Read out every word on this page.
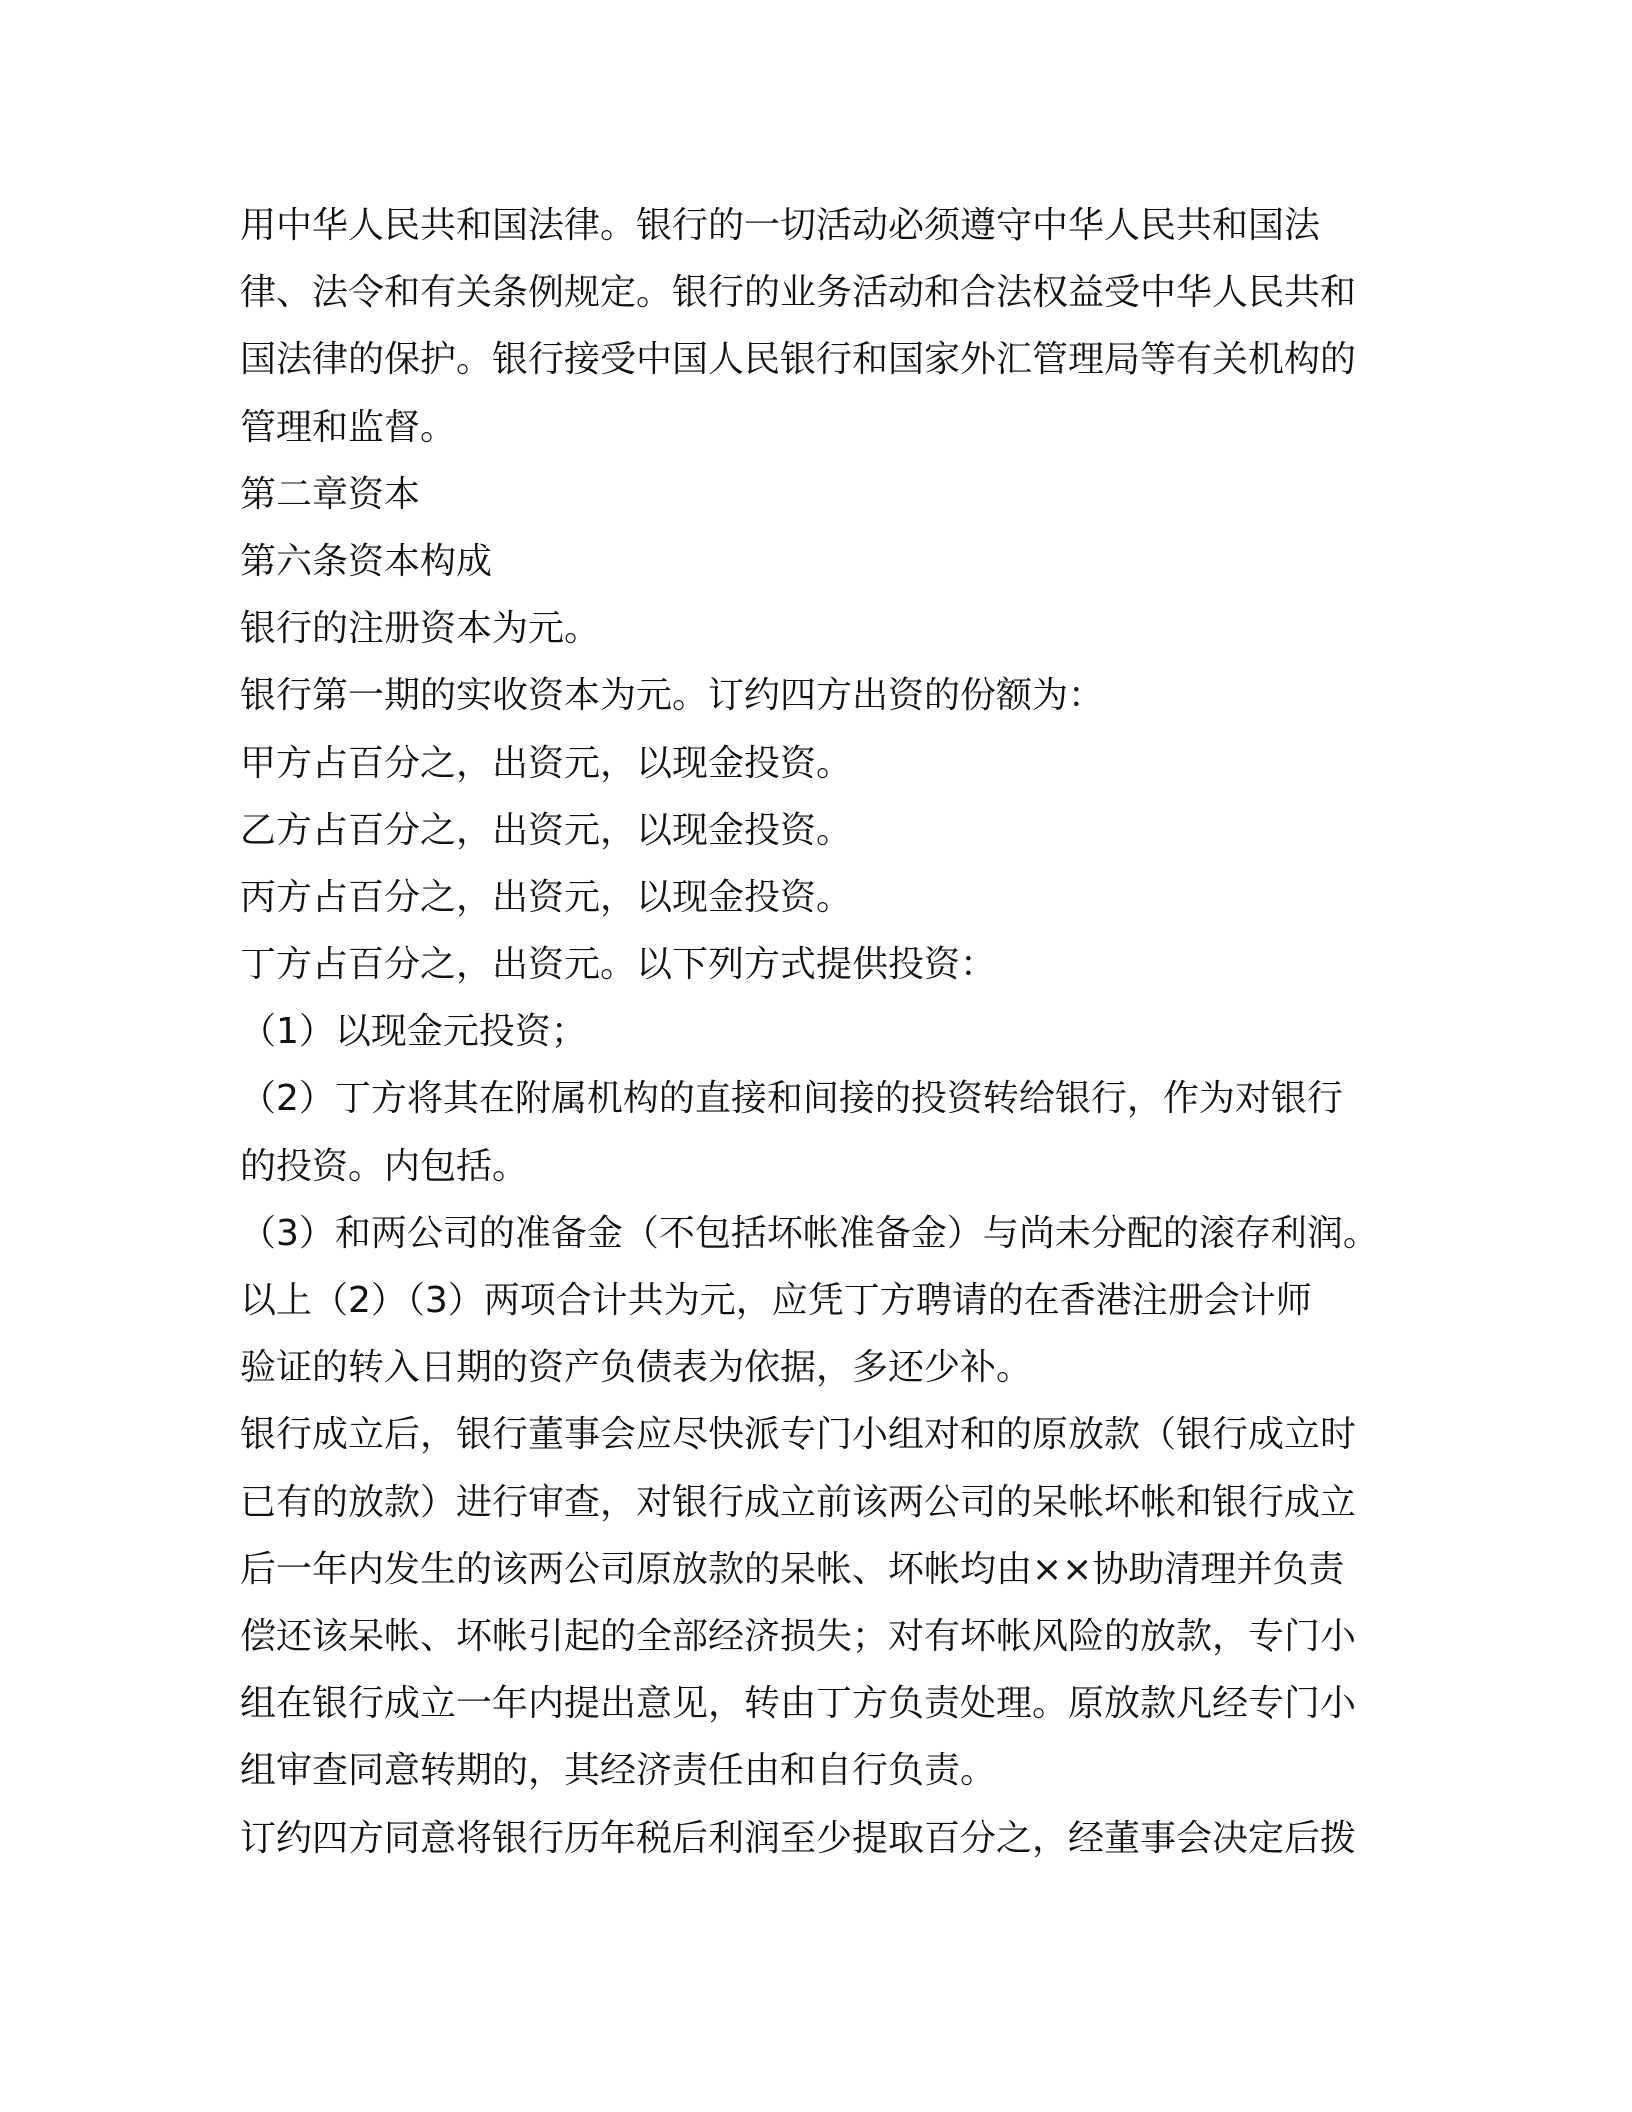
用中华人民共和国法律。银行的一切活动必须遵守中华人民共和国法
律、法令和有关条例规定。银行的业务活动和合法权益受中华人民共和
国法律的保护。银行接受中国人民银行和国家外汇管理局等有关机构的
管理和监督。
第二章资本
第六条资本构成
银行的注册资本为元。
银行第一期的实收资本为元。订约四方出资的份额为：
甲方占百分之，出资元，以现金投资。
乙方占百分之，出资元，以现金投资。
丙方占百分之，出资元，以现金投资。
丁方占百分之，出资元。以下列方式提供投资：
（1）以现金元投资；
（2）丁方将其在附属机构的直接和间接的投资转给银行，作为对银行
的投资。内包括。
（3）和两公司的准备金（不包括坏帐准备金）与尚未分配的滚存利润。
以上（2）（3）两项合计共为元，应凭丁方聘请的在香港注册会计师
验证的转入日期的资产负债表为依据，多还少补。
银行成立后，银行董事会应尽快派专门小组对和的原放款（银行成立时
已有的放款）进行审查，对银行成立前该两公司的呆帐坏帐和银行成立
后一年内发生的该两公司原放款的呆帐、坏帐均由××协助清理并负责
偿还该呆帐、坏帐引起的全部经济损失；对有坏帐风险的放款，专门小
组在银行成立一年内提出意见，转由丁方负责处理。原放款凡经专门小
组审查同意转期的，其经济责任由和自行负责。
订约四方同意将银行历年税后利润至少提取百分之，经董事会决定后拨
